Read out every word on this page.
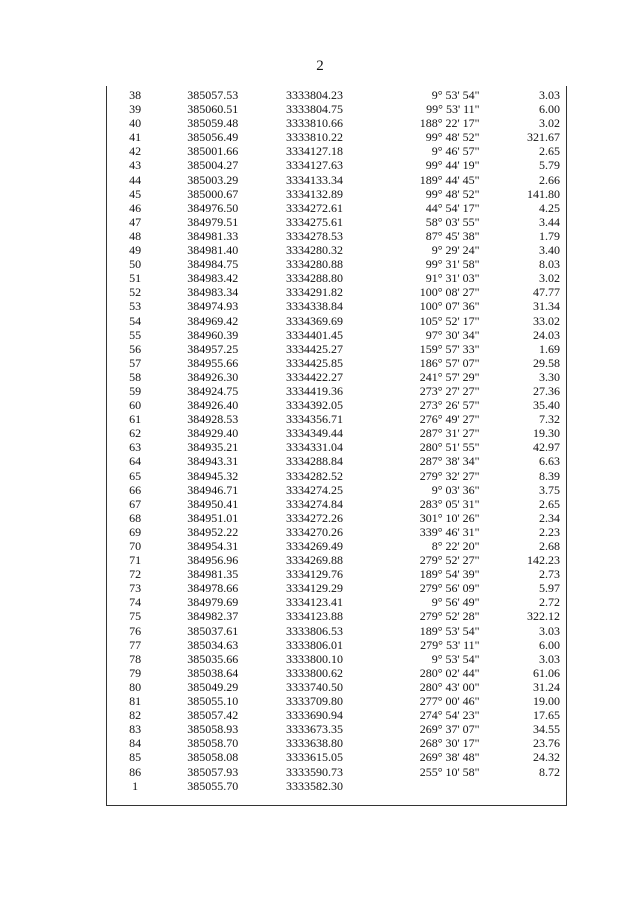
2
38	385057.53	3333804.23	9° 53' 54"	3.03
39	385060.51	3333804.75	99° 53' 11"	6.00
40	385059.48	3333810.66	188° 22' 17"	3.02
41	385056.49	3333810.22	99° 48' 52"	321.67
42	385001.66	3334127.18	9° 46' 57"	2.65
43	385004.27	3334127.63	99° 44' 19"	5.79
44	385003.29	3334133.34	189° 44' 45"	2.66
45	385000.67	3334132.89	99° 48' 52"	141.80
46	384976.50	3334272.61	44° 54' 17"	4.25
47	384979.51	3334275.61	58° 03' 55"	3.44
48	384981.33	3334278.53	87° 45' 38"	1.79
49	384981.40	3334280.32	9° 29' 24"	3.40
50	384984.75	3334280.88	99° 31' 58"	8.03
51	384983.42	3334288.80	91° 31' 03"	3.02
52	384983.34	3334291.82	100° 08' 27"	47.77
53	384974.93	3334338.84	100° 07' 36"	31.34
54	384969.42	3334369.69	105° 52' 17"	33.02
55	384960.39	3334401.45	97° 30' 34"	24.03
56	384957.25	3334425.27	159° 57' 33"	1.69
57	384955.66	3334425.85	186° 57' 07"	29.58
58	384926.30	3334422.27	241° 57' 29"	3.30
59	384924.75	3334419.36	273° 27' 27"	27.36
60	384926.40	3334392.05	273° 26' 57"	35.40
61	384928.53	3334356.71	276° 49' 27"	7.32
62	384929.40	3334349.44	287° 31' 27"	19.30
63	384935.21	3334331.04	280° 51' 55"	42.97
64	384943.31	3334288.84	287° 38' 34"	6.63
65	384945.32	3334282.52	279° 32' 27"	8.39
66	384946.71	3334274.25	9° 03' 36"	3.75
67	384950.41	3334274.84	283° 05' 31"	2.65
68	384951.01	3334272.26	301° 10' 26"	2.34
69	384952.22	3334270.26	339° 46' 31"	2.23
70	384954.31	3334269.49	8° 22' 20"	2.68
71	384956.96	3334269.88	279° 52' 27"	142.23
72	384981.35	3334129.76	189° 54' 39"	2.73
73	384978.66	3334129.29	279° 56' 09"	5.97
74	384979.69	3334123.41	9° 56' 49"	2.72
75	384982.37	3334123.88	279° 52' 28"	322.12
76	385037.61	3333806.53	189° 53' 54"	3.03
77	385034.63	3333806.01	279° 53' 11"	6.00
78	385035.66	3333800.10	9° 53' 54"	3.03
79	385038.64	3333800.62	280° 02' 44"	61.06
80	385049.29	3333740.50	280° 43' 00"	31.24
81	385055.10	3333709.80	277° 00' 46"	19.00
82	385057.42	3333690.94	274° 54' 23"	17.65
83	385058.93	3333673.35	269° 37' 07"	34.55
84	385058.70	3333638.80	268° 30' 17"	23.76
85	385058.08	3333615.05	269° 38' 48"	24.32
86	385057.93	3333590.73	255° 10' 58"	8.72
1	385055.70	3333582.30		
